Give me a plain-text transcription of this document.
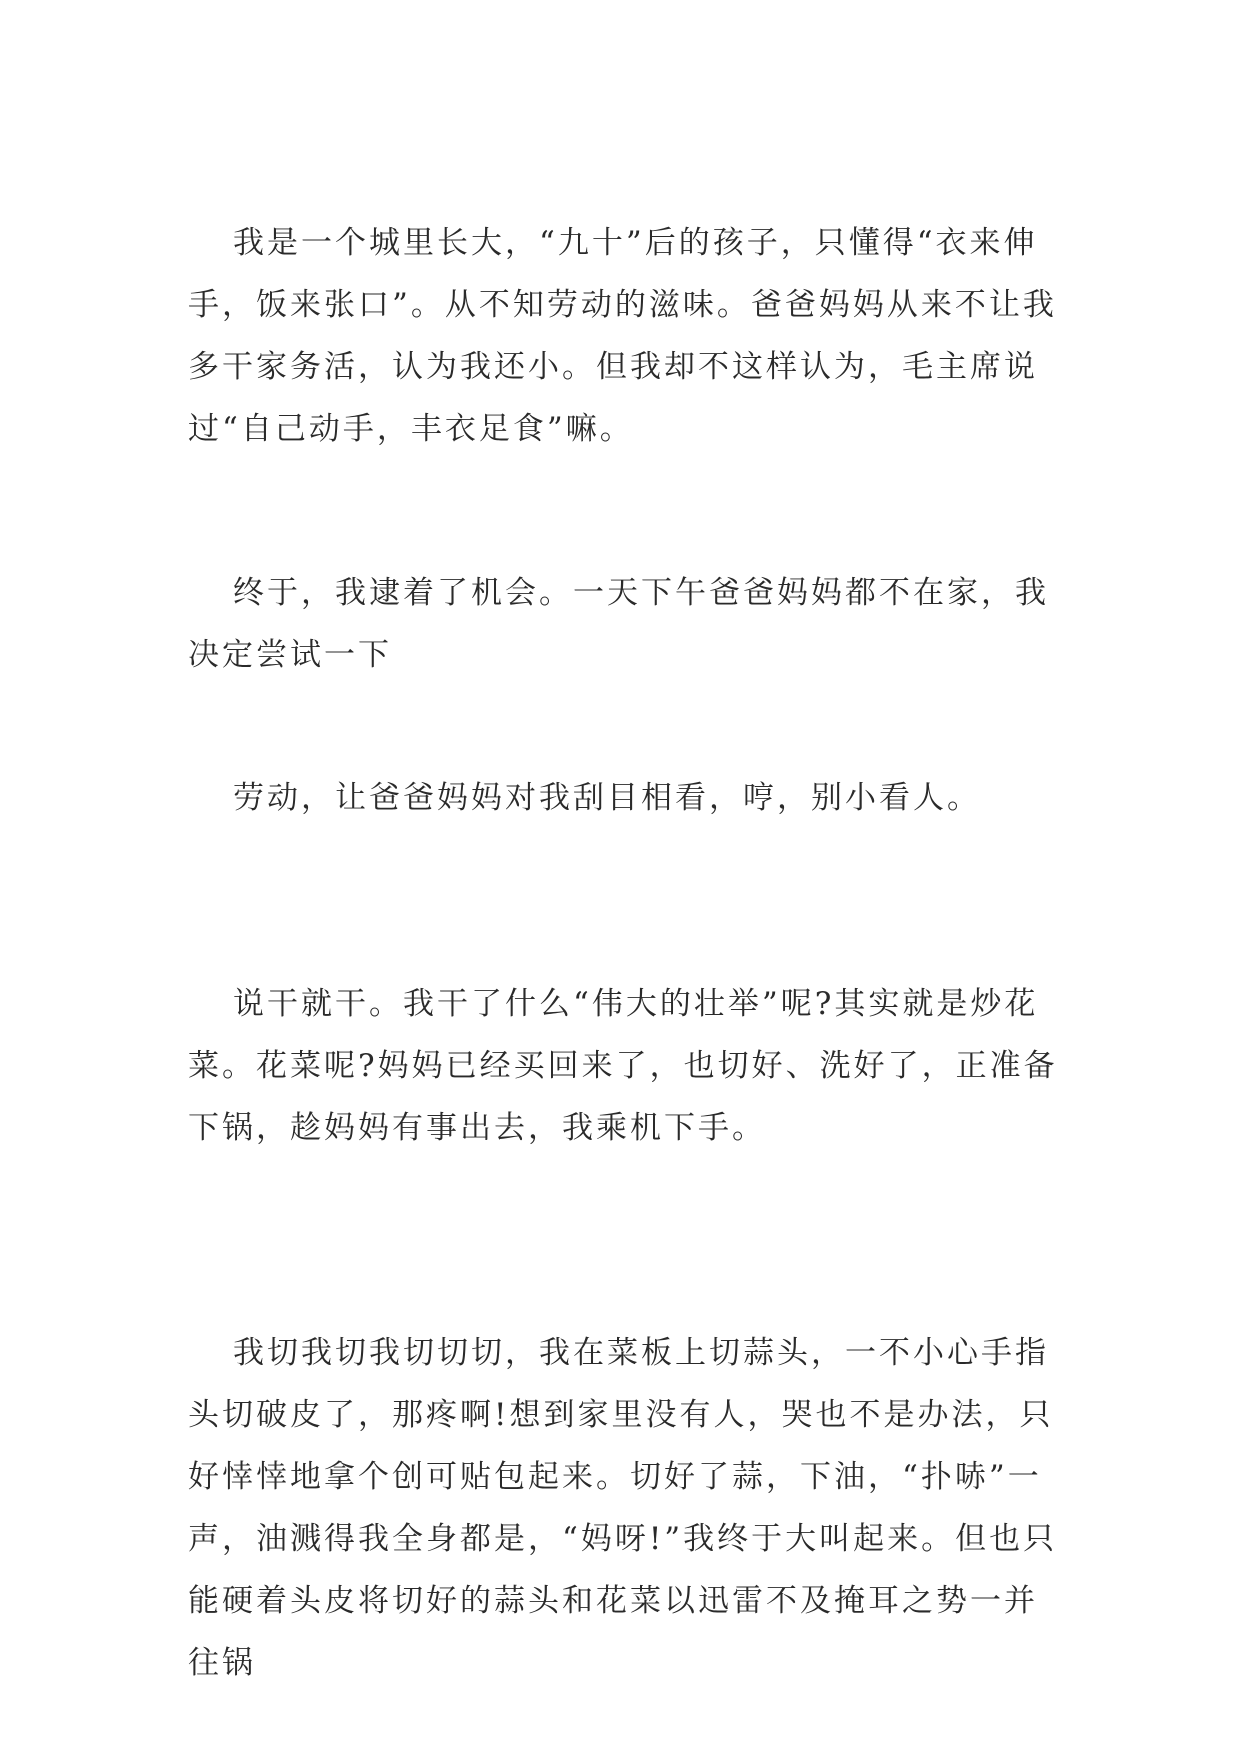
我是一个城里长大，“九十”后的孩子，只懂得“衣来伸手，饭来张口”。从不知劳动的滋味。爸爸妈妈从来不让我多干家务活，认为我还小。但我却不这样认为，毛主席说过“自己动手，丰衣足食”嘛。

终于，我逮着了机会。一天下午爸爸妈妈都不在家，我决定尝试一下

劳动，让爸爸妈妈对我刮目相看，哼，别小看人。

说干就干。我干了什么“伟大的壮举”呢?其实就是炒花菜。花菜呢?妈妈已经买回来了，也切好、洗好了，正准备下锅，趁妈妈有事出去，我乘机下手。

我切我切我切切切，我在菜板上切蒜头，一不小心手指头切破皮了，那疼啊!想到家里没有人，哭也不是办法，只好悻悻地拿个创可贴包起来。切好了蒜，下油，“扑哧”一声，油溅得我全身都是，“妈呀!”我终于大叫起来。但也只能硬着头皮将切好的蒜头和花菜以迅雷不及掩耳之势一并往锅
